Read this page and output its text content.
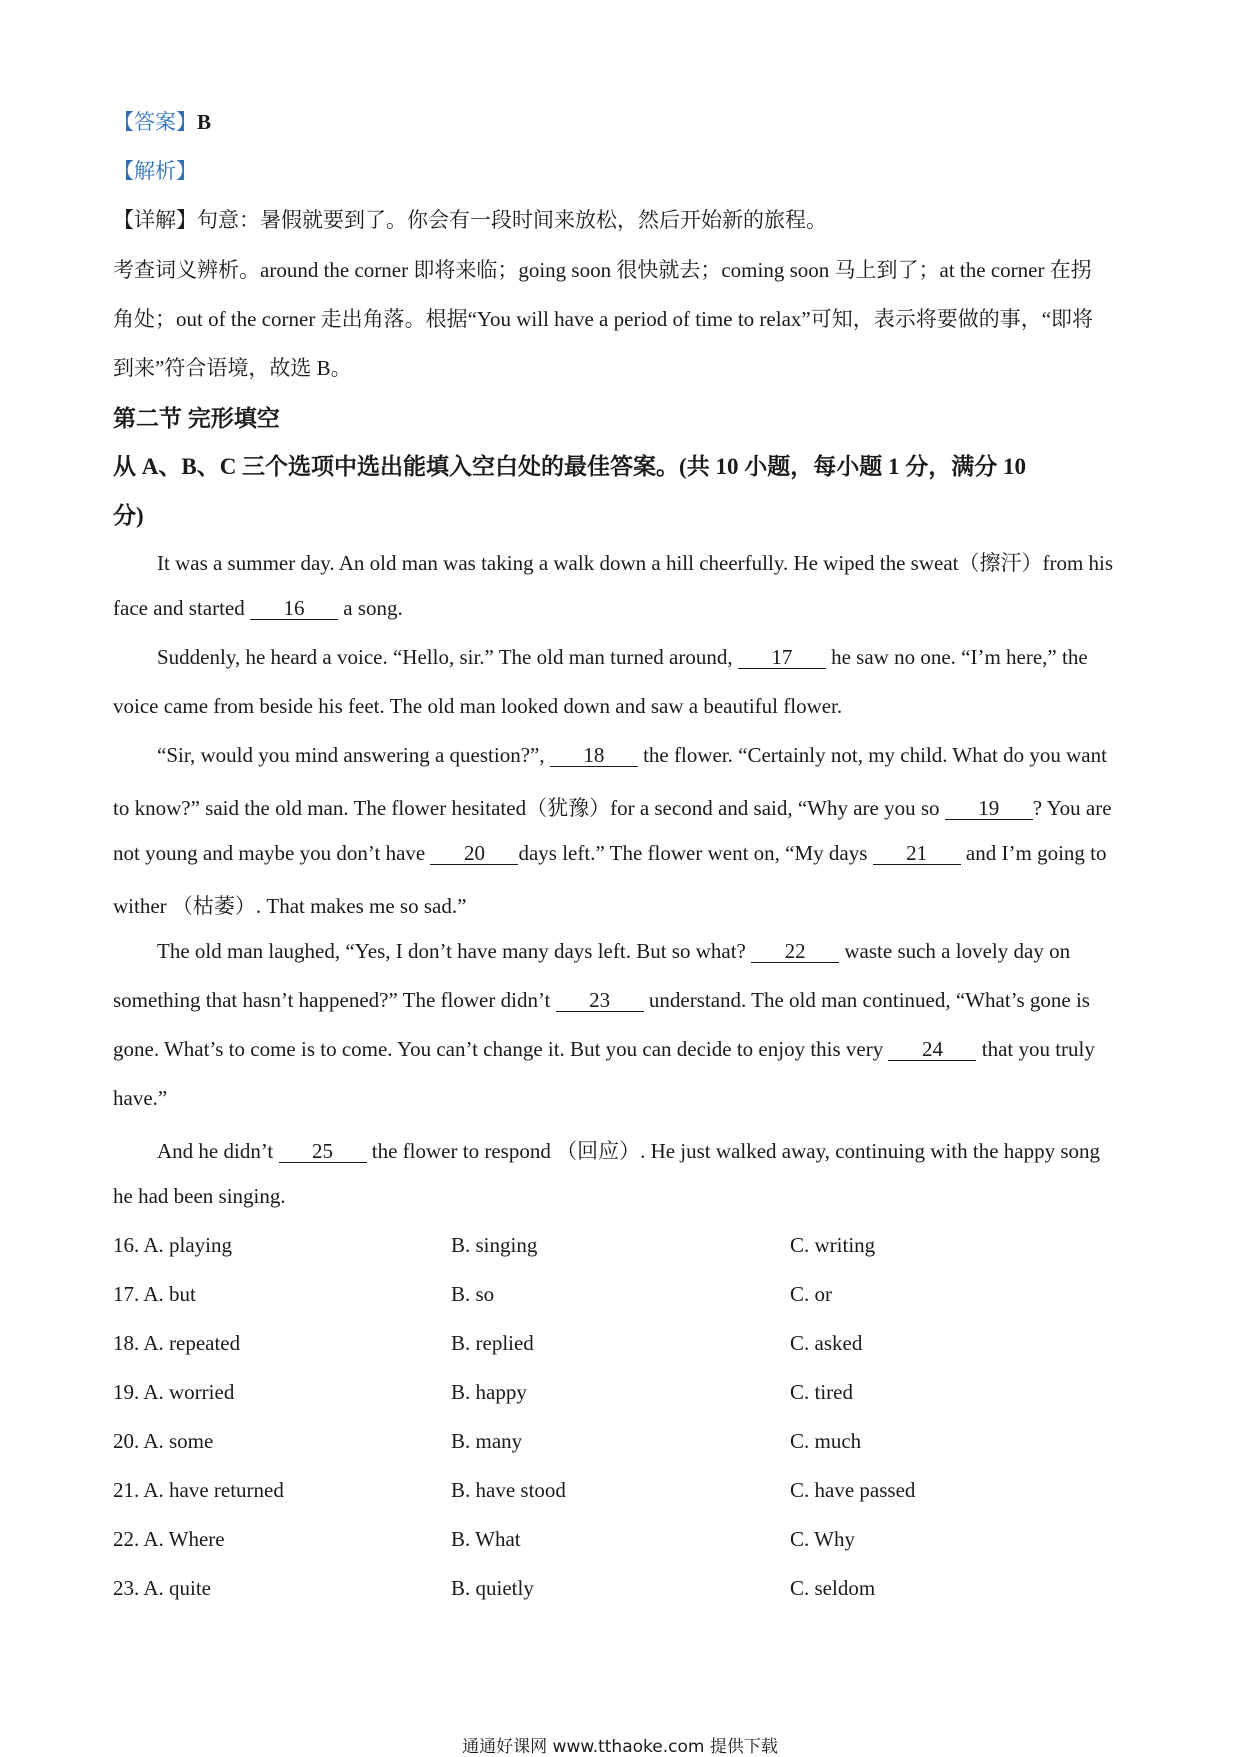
【答案】B
【解析】
【详解】句意：暑假就要到了。你会有一段时间来放松，然后开始新的旅程。
考查词义辨析。around the corner 即将来临；going soon 很快就去；coming soon 马上到了；at the corner 在拐
角处；out of the corner 走出角落。根据“You will have a period of time to relax”可知，表示将要做的事，“即将
到来”符合语境，故选 B。
第二节 完形填空
从 A、B、C 三个选项中选出能填入空白处的最佳答案。(共 10 小题，每小题 1 分，满分 10
分)
It was a summer day. An old man was taking a walk down a hill cheerfully. He wiped the sweat（擦汗）from his
face and started 16 a song.
Suddenly, he heard a voice. “Hello, sir.” The old man turned around, 17 he saw no one. “I’m here,” the
voice came from beside his feet. The old man looked down and saw a beautiful flower.
“Sir, would you mind answering a question?”, 18 the flower. “Certainly not, my child. What do you want
to know?” said the old man. The flower hesitated（犹豫）for a second and said, “Why are you so 19 ? You are
not young and maybe you don’t have 20 days left.” The flower went on, “My days 21 and I’m going to
wither （枯萎）. That makes me so sad.”
The old man laughed, “Yes, I don’t have many days left. But so what? 22 waste such a lovely day on
something that hasn’t happened?” The flower didn’t 23 understand. The old man continued, “What’s gone is
gone. What’s to come is to come. You can’t change it. But you can decide to enjoy this very 24 that you truly
have.”
And he didn’t 25 the flower to respond （回应）. He just walked away, continuing with the happy song
he had been singing.
16. A. playing	B. singing	C. writing
17. A. but	B. so	C. or
18. A. repeated	B. replied	C. asked
19. A. worried	B. happy	C. tired
20. A. some	B. many	C. much
21. A. have returned	B. have stood	C. have passed
22. A. Where	B. What	C. Why
23. A. quite	B. quietly	C. seldom
通通好课网 www.tthaoke.com 提供下载
